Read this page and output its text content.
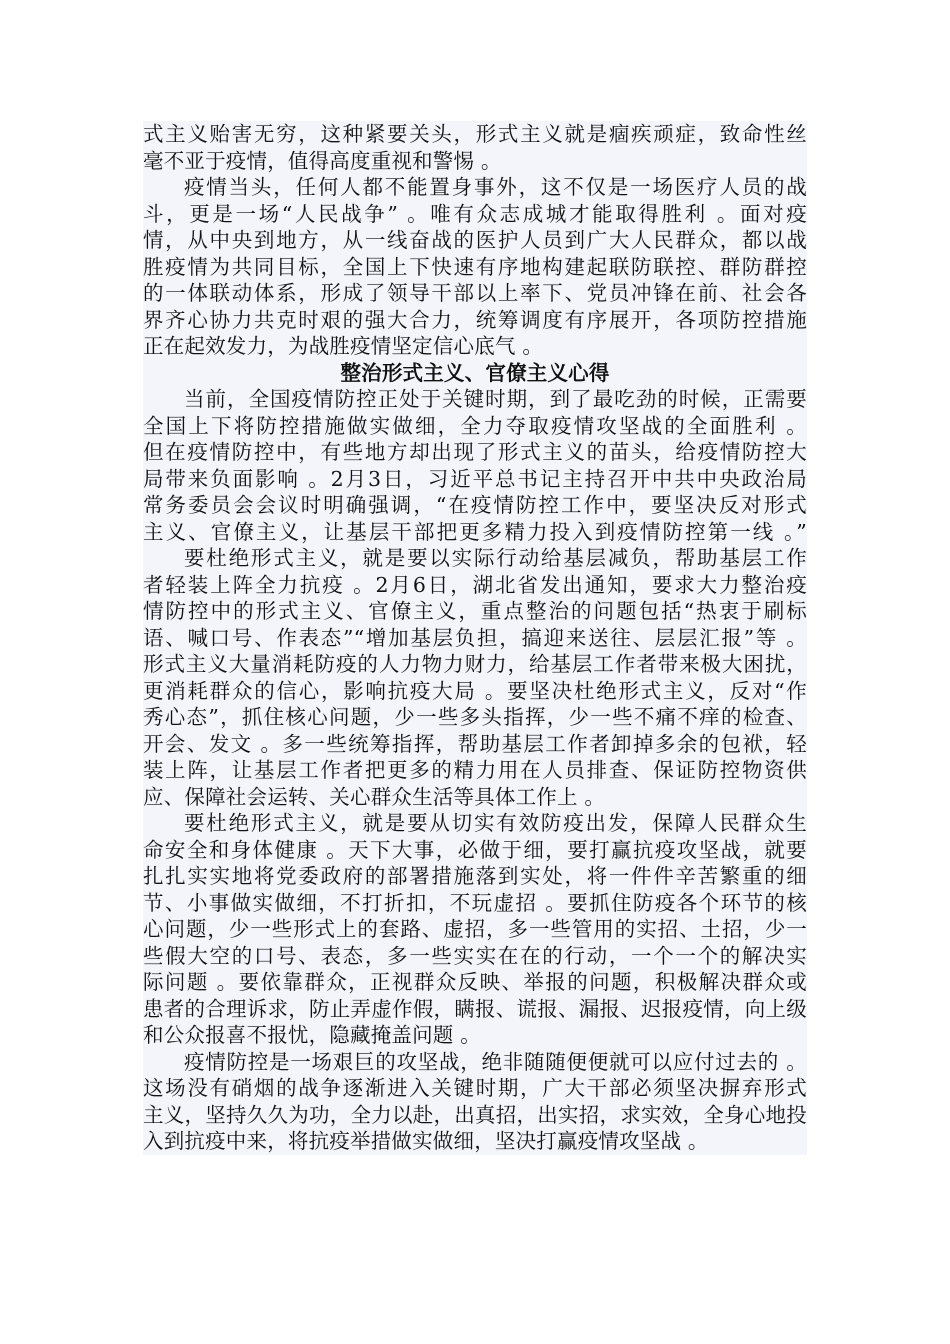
式主义贻害无穷，这种紧要关头，形式主义就是痼疾顽症，致命性丝
毫不亚于疫情，值得高度重视和警惕 。
疫情当头，任何人都不能置身事外，这不仅是一场医疗人员的战
斗，更是一场“人民战争” 。唯有众志成城才能取得胜利 。面对疫
情，从中央到地方，从一线奋战的医护人员到广大人民群众，都以战
胜疫情为共同目标，全国上下快速有序地构建起联防联控、群防群控
的一体联动体系，形成了领导干部以上率下、党员冲锋在前、社会各
界齐心协力共克时艰的强大合力，统筹调度有序展开，各项防控措施
正在起效发力，为战胜疫情坚定信心底气 。
整治形式主义、官僚主义心得
当前，全国疫情防控正处于关键时期，到了最吃劲的时候，正需要
全国上下将防控措施做实做细，全力夺取疫情攻坚战的全面胜利 。
但在疫情防控中，有些地方却出现了形式主义的苗头，给疫情防控大
局带来负面影响 。2月3日，习近平总书记主持召开中共中央政治局
常务委员会会议时明确强调，“在疫情防控工作中，要坚决反对形式
主义、官僚主义，让基层干部把更多精力投入到疫情防控第一线 。”
要杜绝形式主义，就是要以实际行动给基层减负，帮助基层工作
者轻装上阵全力抗疫 。2月6日，湖北省发出通知，要求大力整治疫
情防控中的形式主义、官僚主义，重点整治的问题包括“热衷于刷标
语、喊口号、作表态”“增加基层负担，搞迎来送往、层层汇报”等 。
形式主义大量消耗防疫的人力物力财力，给基层工作者带来极大困扰，
更消耗群众的信心，影响抗疫大局 。要坚决杜绝形式主义，反对“作
秀心态”，抓住核心问题，少一些多头指挥，少一些不痛不痒的检查、
开会、发文 。多一些统筹指挥，帮助基层工作者卸掉多余的包袱，轻
装上阵，让基层工作者把更多的精力用在人员排查、保证防控物资供
应、保障社会运转、关心群众生活等具体工作上 。
要杜绝形式主义，就是要从切实有效防疫出发，保障人民群众生
命安全和身体健康 。天下大事，必做于细，要打赢抗疫攻坚战，就要
扎扎实实地将党委政府的部署措施落到实处，将一件件辛苦繁重的细
节、小事做实做细，不打折扣，不玩虚招 。要抓住防疫各个环节的核
心问题，少一些形式上的套路、虚招，多一些管用的实招、土招，少一
些假大空的口号、表态，多一些实实在在的行动，一个一个的解决实
际问题 。要依靠群众，正视群众反映、举报的问题，积极解决群众或
患者的合理诉求，防止弄虚作假，瞒报、谎报、漏报、迟报疫情，向上级
和公众报喜不报忧，隐藏掩盖问题 。
疫情防控是一场艰巨的攻坚战，绝非随随便便就可以应付过去的 。
这场没有硝烟的战争逐渐进入关键时期，广大干部必须坚决摒弃形式
主义，坚持久久为功，全力以赴，出真招，出实招，求实效，全身心地投
入到抗疫中来，将抗疫举措做实做细，坚决打赢疫情攻坚战 。
